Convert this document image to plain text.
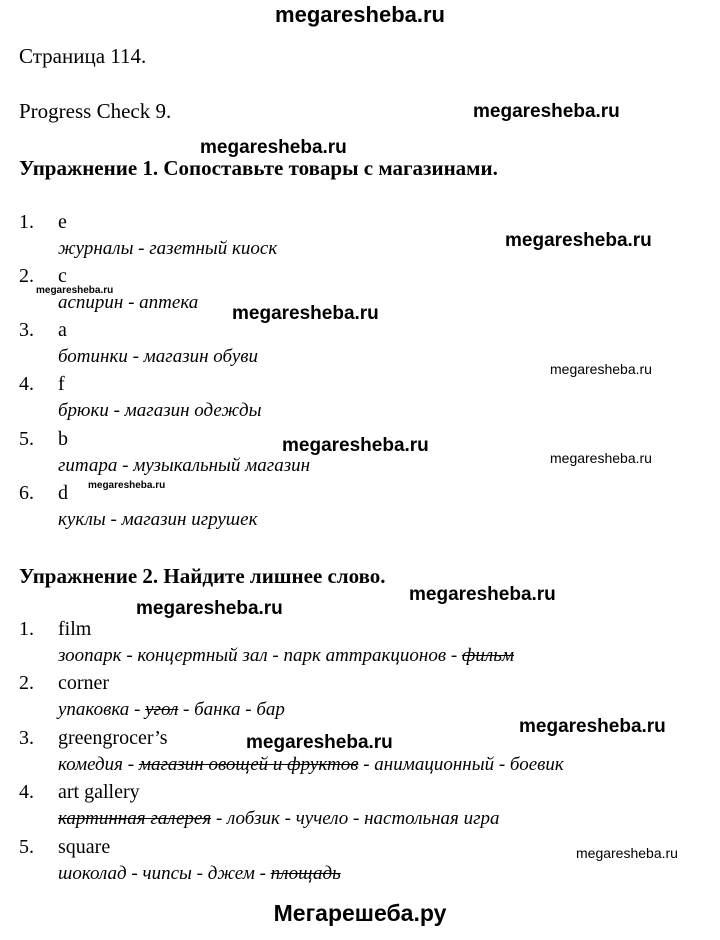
megaresheba.ru
Страница 114.
Progress Check 9.
Упражнение 1. Сопоставьте товары с магазинами.
1. e
журналы - газетный киоск
2. c
аспирин - аптека
3. a
ботинки - магазин обуви
4. f
брюки - магазин одежды
5. b
гитара - музыкальный магазин
6. d
куклы - магазин игрушек
Упражнение 2. Найдите лишнее слово.
1. film
зоопарк - концертный зал - парк аттракционов - фильм
2. corner
упаковка - угол - банка - бар
3. greengrocer’s
комедия - магазин овощей и фруктов - анимационный - боевик
4. art gallery
картинная галерея - лобзик - чучело - настольная игра
5. square
шоколад - чипсы - джем - площадь
megaresheba.ru
megaresheba.ru
megaresheba.ru
megaresheba.ru
megaresheba.ru
megaresheba.ru
megaresheba.ru
megaresheba.ru
megaresheba.ru
megaresheba.ru
megaresheba.ru
megaresheba.ru
megaresheba.ru
megaresheba.ru
Мегарешеба.ру
